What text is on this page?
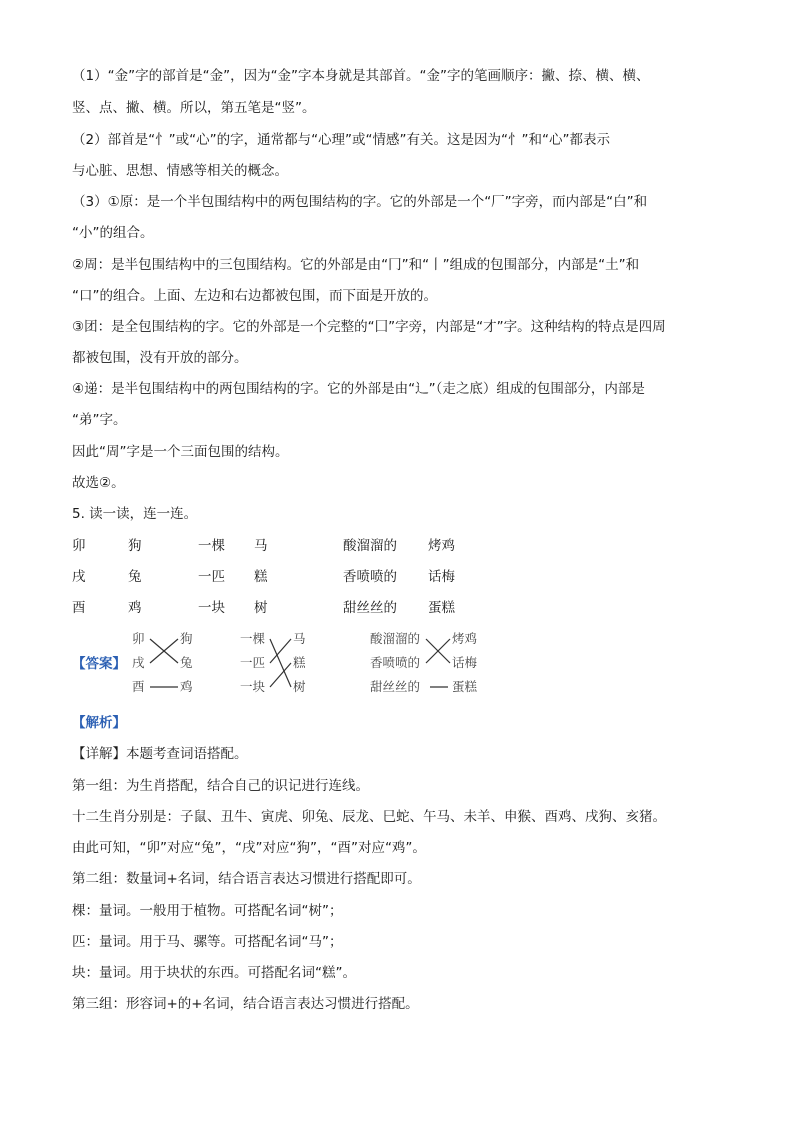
（1）“金”字的部首是“金”，因为“金”字本身就是其部首。“金”字的笔画顺序：撇、捺、横、横、
竖、点、撇、横。所以，第五笔是“竖”。
（2）部首是“忄”或“心”的字，通常都与“心理”或“情感”有关。这是因为“忄”和“心”都表示
与心脏、思想、情感等相关的概念。
（3）①原：是一个半包围结构中的两包围结构的字。它的外部是一个“厂”字旁，而内部是“白”和
“小”的组合。
②周：是半包围结构中的三包围结构。它的外部是由“冂”和“丨”组成的包围部分，内部是“土”和
“口”的组合。上面、左边和右边都被包围，而下面是开放的。
③团：是全包围结构的字。它的外部是一个完整的“囗”字旁，内部是“才”字。这种结构的特点是四周
都被包围，没有开放的部分。
④递：是半包围结构中的两包围结构的字。它的外部是由“辶”（走之底）组成的包围部分，内部是
“弟”字。
因此“周”字是一个三面包围的结构。
故选②。
5. 读一读，连一连。
卯	狗	一棵 马	酸溜溜的 烤鸡
戌	兔	一匹 糕	香喷喷的 话梅
酉	鸡	一块 树	甜丝丝的 蛋糕
【答案】
卯
戌
酉
狗
兔
鸡
一棵
一匹
一块
马
糕
树
酸溜溜的
香喷喷的
甜丝丝的
烤鸡
话梅
蛋糕
【解析】
【详解】本题考查词语搭配。
第一组：为生肖搭配，结合自己的识记进行连线。
十二生肖分别是：子鼠、丑牛、寅虎、卯兔、辰龙、巳蛇、午马、未羊、申猴、酉鸡、戌狗、亥猪。
由此可知，“卯”对应“兔”，“戌”对应“狗”，“酉”对应“鸡”。
第二组：数量词+名词，结合语言表达习惯进行搭配即可。
棵：量词。一般用于植物。可搭配名词“树”；
匹：量词。用于马、骡等。可搭配名词“马”；
块：量词。用于块状的东西。可搭配名词“糕”。
第三组：形容词+的+名词，结合语言表达习惯进行搭配。
